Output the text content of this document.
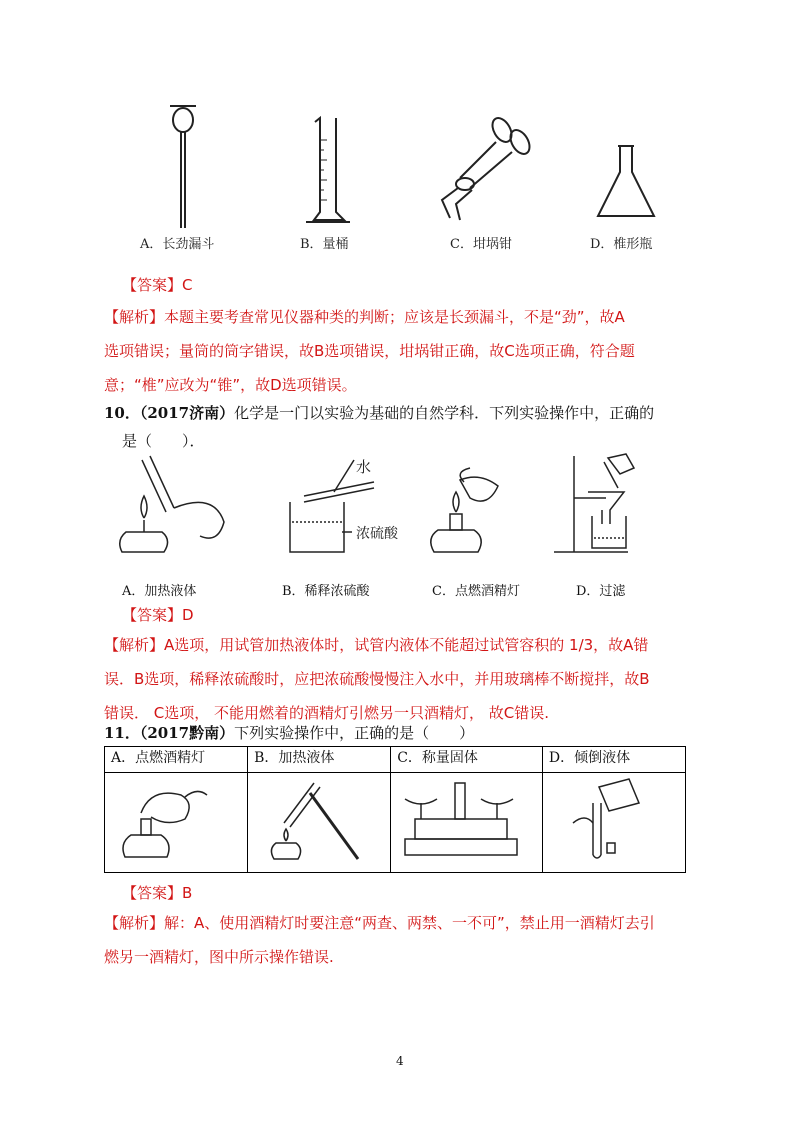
A．长劲漏斗	B．量桶	C．坩埚钳	D．椎形瓶
【答案】C
【解析】本题主要考查常见仪器种类的判断；应该是长颈漏斗，不是“劲”，故A
选项错误；量筒的筒字错误，故B选项错误，坩埚钳正确，故C选项正确，符合题
意；“椎”应改为“锥”，故D选项错误。
10．（2017济南）化学是一门以实验为基础的自然学科．下列实验操作中，正确的
是（　　）．
水
浓硫酸
A．加热液体	B．稀释浓硫酸	C．点燃酒精灯	D．过滤
【答案】D
【解析】A选项，用试管加热液体时，试管内液体不能超过试管容积的 1/3，故A错
误．B选项，稀释浓硫酸时，应把浓硫酸慢慢注入水中，并用玻璃棒不断搅拌，故B
错误． C选项， 不能用燃着的酒精灯引燃另一只酒精灯， 故C错误.
11．（2017黔南）下列实验操作中，正确的是（　　）
A．点燃酒精灯	B．加热液体	C．称量固体	D．倾倒液体

【答案】B
【解析】解：A、使用酒精灯时要注意“两查、两禁、一不可”，禁止用一酒精灯去引
燃另一酒精灯，图中所示操作错误.
4
